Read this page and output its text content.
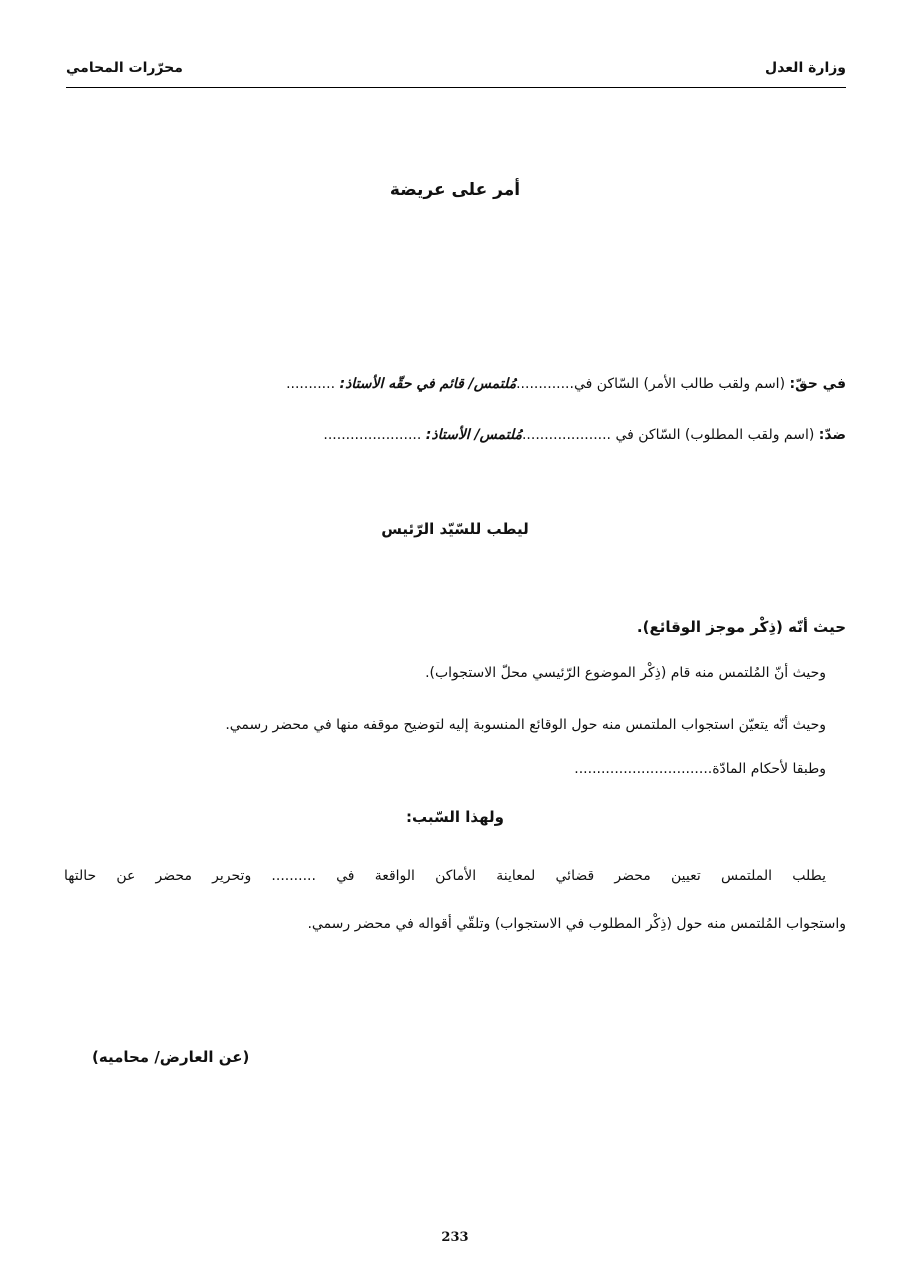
وزارة العدل
محرّرات المحامي
أمر على عريضة
في حقّ: (اسم ولقب طالب الأمر) السّاكن في.............مُلتمس/ قائم في حقّه الأستاذ: ...........
ضدّ: (اسم ولقب المطلوب) السّاكن في ....................مُلتمس/ الأستاذ: ......................
ليطب للسّيّد الرّئيس
حيث أنّه (ذِكْر موجز الوقائع).
وحيث أنّ المُلتمس منه قام (ذِكْر الموضوع الرّئيسي محلّ الاستجواب).
وحيث أنّه يتعيّن استجواب الملتمس منه حول الوقائع المنسوبة إليه لتوضيح موقفه منها في محضر رسمي.
وطبقا لأحكام المادّة...............................
ولهذا السّبب:
يطلب الملتمس تعيين محضر قضائي لمعاينة الأماكن الواقعة في .......... وتحرير محضر عن حالتها
واستجواب المُلتمس منه حول (ذِكْر المطلوب في الاستجواب) وتلقّي أقواله في محضر رسمي.
(عن العارض/ محاميه)
233
